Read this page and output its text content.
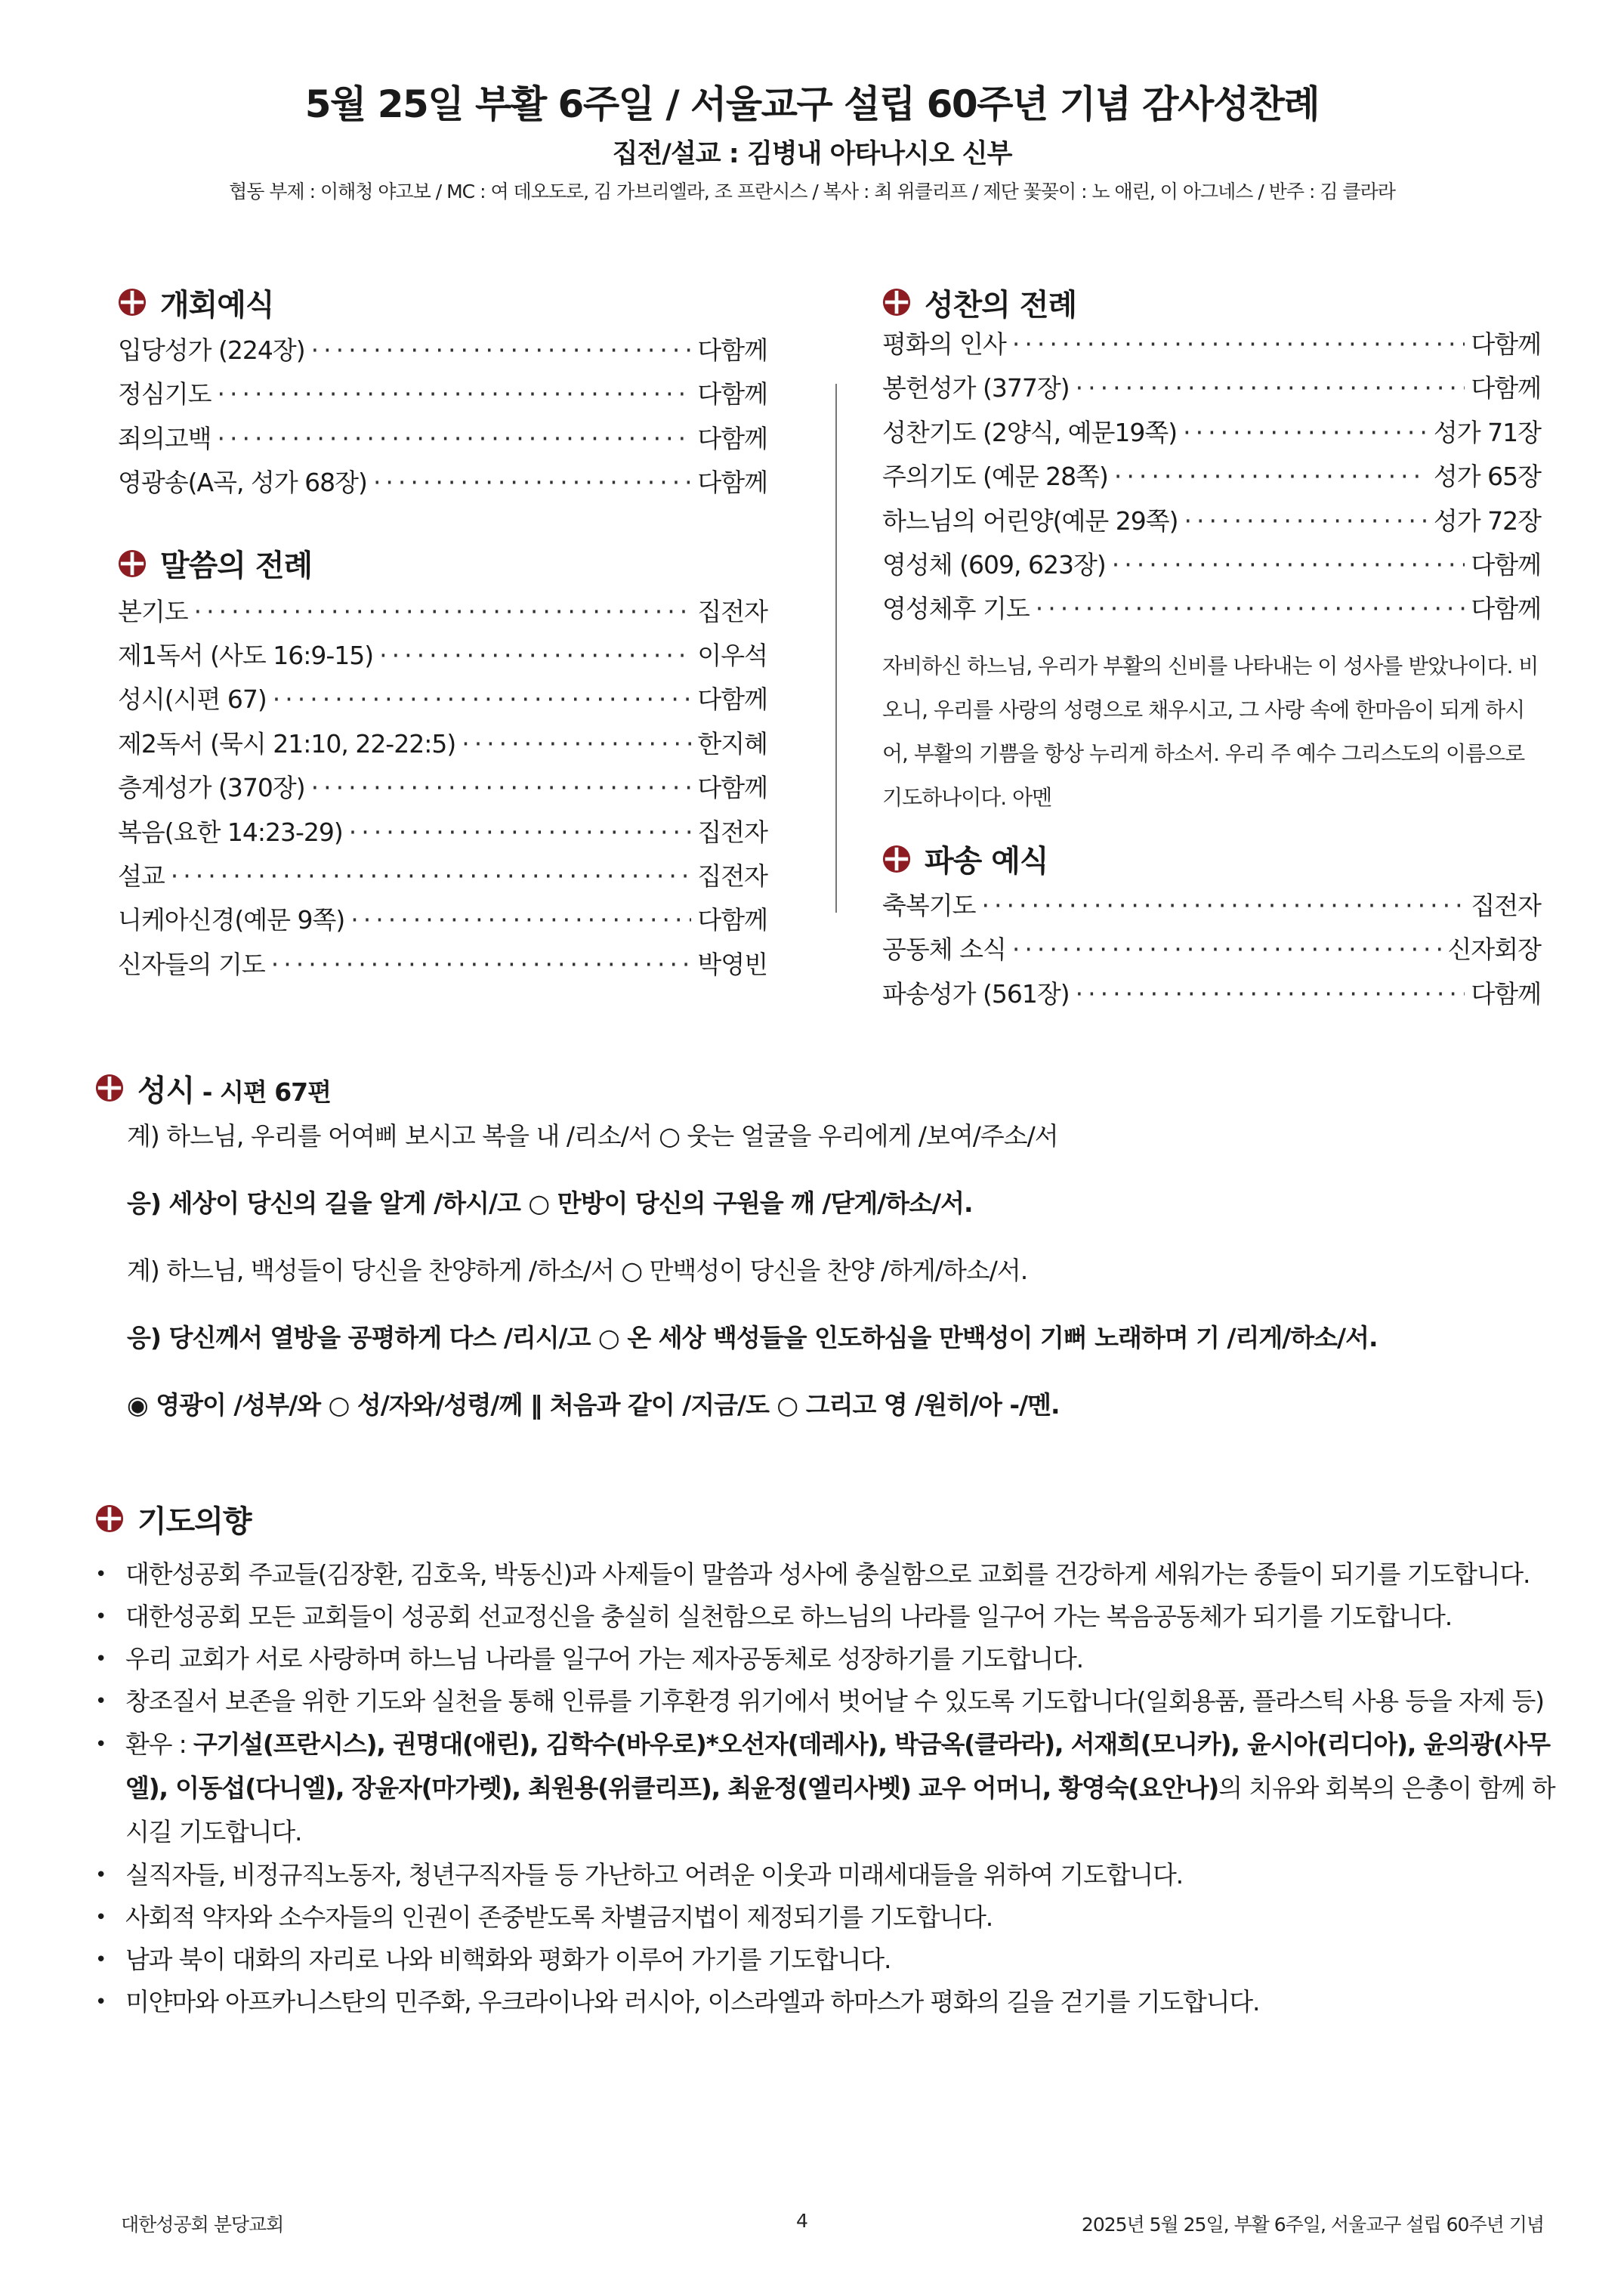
5월 25일 부활 6주일 / 서울교구 설립 60주년 기념 감사성찬례
집전/설교 : 김병내 아타나시오 신부
협동 부제 : 이해청 야고보 / MC : 여 데오도로, 김 가브리엘라, 조 프란시스 / 복사 : 최 위클리프 / 제단 꽃꽂이 : 노 애린, 이 아그네스 / 반주 : 김 클라라
개회예식
입당성가 (224장) ·····	다함께
정심기도 ·····	다함께
죄의고백 ·····	다함께
영광송(A곡, 성가 68장) ·····	다함께
말씀의 전례
본기도 ·····	집전자
제1독서 (사도 16:9-15) ·····	이우석
성시(시편 67) ·····	다함께
제2독서 (묵시 21:10, 22-22:5) ·····	한지혜
층계성가 (370장) ·····	다함께
복음(요한 14:23-29) ·····	집전자
설교 ·····	집전자
니케아신경(예문 9쪽) ·····	다함께
신자들의 기도 ·····	박영빈
성찬의 전례
평화의 인사 ·····	다함께
봉헌성가 (377장) ·····	다함께
성찬기도 (2양식, 예문19쪽) ·····	성가 71장
주의기도 (예문 28쪽) ·····	성가 65장
하느님의 어린양(예문 29쪽) ·····	성가 72장
영성체 (609, 623장) ·····	다함께
영성체후 기도 ·····	다함께

자비하신 하느님, 우리가 부활의 신비를 나타내는 이 성사를 받았나이다. 비오니, 우리를 사랑의 성령으로 채우시고, 그 사랑 속에 한마음이 되게 하시어, 부활의 기쁨을 항상 누리게 하소서. 우리 주 예수 그리스도의 이름으로 기도하나이다. 아멘

파송 예식
축복기도 ·····	집전자
공동체 소식 ·····	신자회장
파송성가 (561장) ·····	다함께
성시 - 시편 67편
계) 하느님, 우리를 어여삐 보시고 복을 내 /리소/서 ○ 웃는 얼굴을 우리에게 /보여/주소/서
응) 세상이 당신의 길을 알게 /하시/고 ○ 만방이 당신의 구원을 깨 /닫게/하소/서.
계) 하느님, 백성들이 당신을 찬양하게 /하소/서 ○ 만백성이 당신을 찬양 /하게/하소/서.
응) 당신께서 열방을 공평하게 다스 /리시/고 ○ 온 세상 백성들을 인도하심을 만백성이 기뻐 노래하며 기 /리게/하소/서.
◉ 영광이 /성부/와 ○ 성/자와/성령/께 ‖ 처음과 같이 /지금/도 ○ 그리고 영 /원히/아 -/멘.
기도의향
• 대한성공회 주교들(김장환, 김호욱, 박동신)과 사제들이 말씀과 성사에 충실함으로 교회를 건강하게 세워가는 종들이 되기를 기도합니다.
• 대한성공회 모든 교회들이 성공회 선교정신을 충실히 실천함으로 하느님의 나라를 일구어 가는 복음공동체가 되기를 기도합니다.
• 우리 교회가 서로 사랑하며 하느님 나라를 일구어 가는 제자공동체로 성장하기를 기도합니다.
• 창조질서 보존을 위한 기도와 실천을 통해 인류를 기후환경 위기에서 벗어날 수 있도록 기도합니다(일회용품, 플라스틱 사용 등을 자제 등)
• 환우 : 구기설(프란시스), 권명대(애린), 김학수(바우로)*오선자(데레사), 박금옥(클라라), 서재희(모니카), 윤시아(리디아), 윤의광(사무엘), 이동섭(다니엘), 장윤자(마가렛), 최원용(위클리프), 최윤정(엘리사벳) 교우 어머니, 황영숙(요안나)의 치유와 회복의 은총이 함께 하시길 기도합니다.
• 실직자들, 비정규직노동자, 청년구직자들 등 가난하고 어려운 이웃과 미래세대들을 위하여 기도합니다.
• 사회적 약자와 소수자들의 인권이 존중받도록 차별금지법이 제정되기를 기도합니다.
• 남과 북이 대화의 자리로 나와 비핵화와 평화가 이루어 가기를 기도합니다.
• 미얀마와 아프카니스탄의 민주화, 우크라이나와 러시아, 이스라엘과 하마스가 평화의 길을 걷기를 기도합니다.
대한성공회 분당교회	4	2025년 5월 25일, 부활 6주일, 서울교구 설립 60주년 기념
